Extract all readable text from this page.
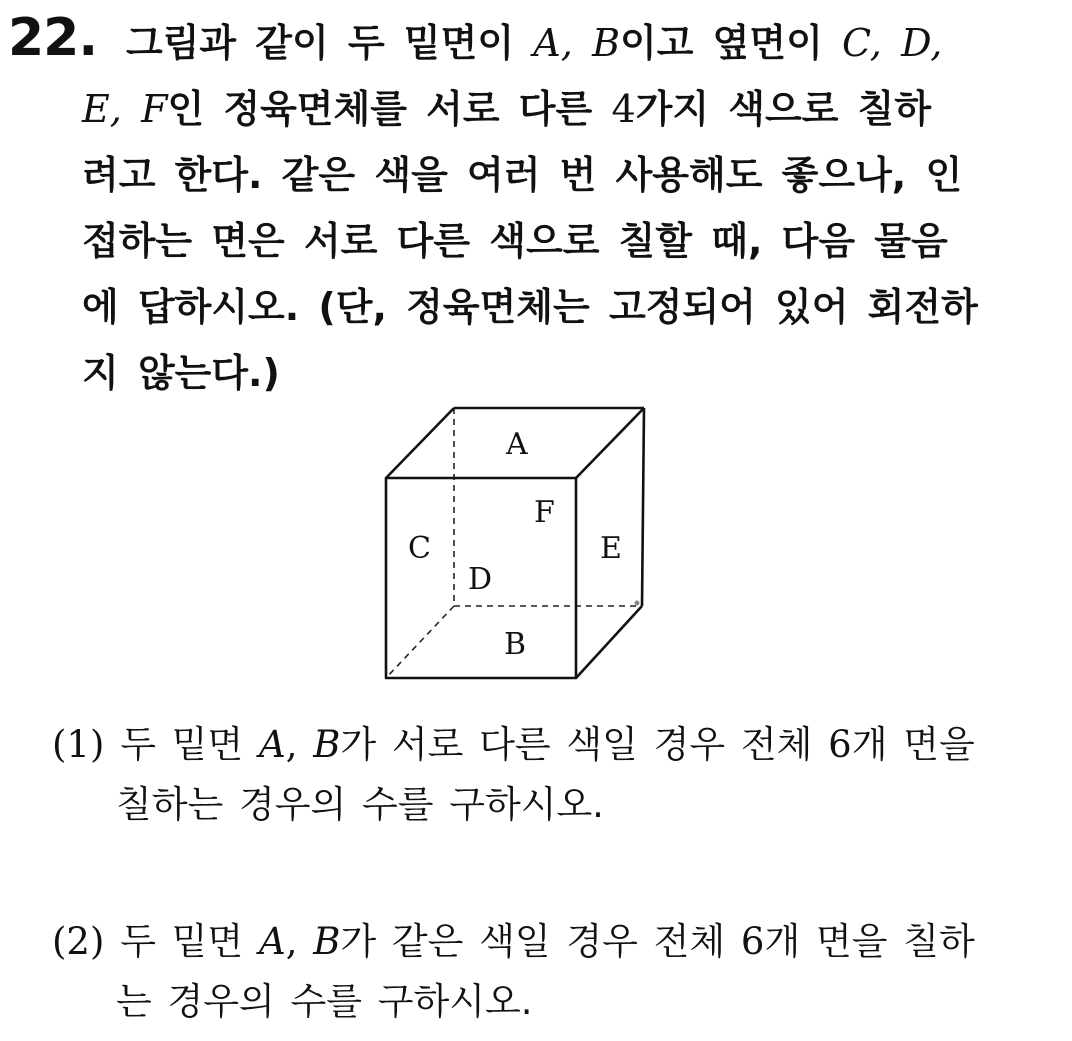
22. 그림과 같이 두 밑면이 A, B이고 옆면이 C, D,
E, F인 정육면체를 서로 다른 4가지 색으로 칠하
려고 한다. 같은 색을 여러 번 사용해도 좋으나, 인
접하는 면은 서로 다른 색으로 칠할 때, 다음 물음
에 답하시오. (단, 정육면체는 고정되어 있어 회전하
지 않는다.)
A
F
C	E
D
B
(1) 두 밑면 A, B가 서로 다른 색일 경우 전체 6개 면을
칠하는 경우의 수를 구하시오.
(2) 두 밑면 A, B가 같은 색일 경우 전체 6개 면을 칠하
는 경우의 수를 구하시오.
